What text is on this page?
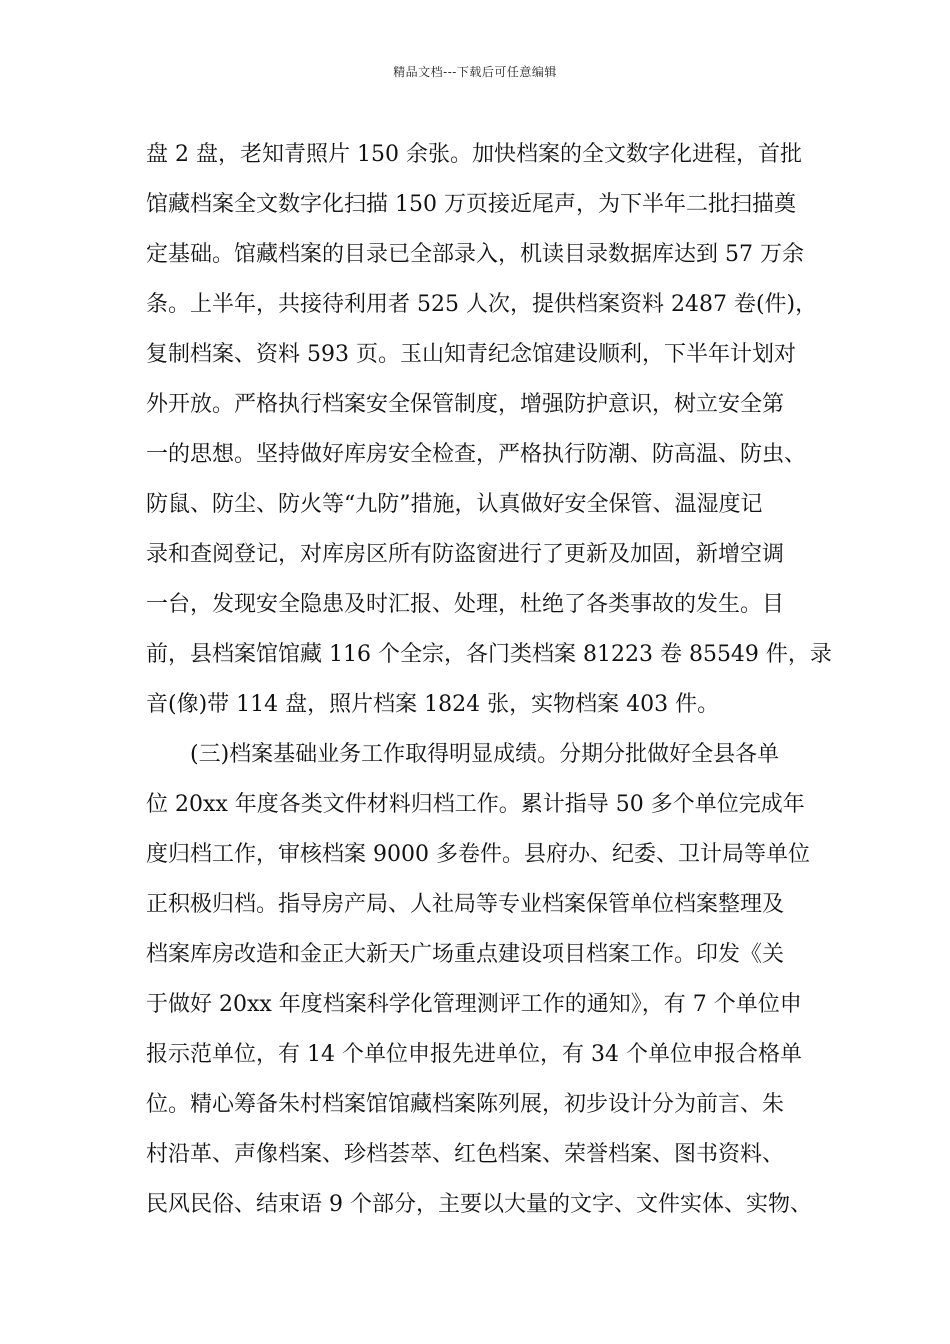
精品文档---下载后可任意编辑
盘 2 盘，老知青照片 150 余张。加快档案的全文数字化进程，首批
馆藏档案全文数字化扫描 150 万页接近尾声，为下半年二批扫描奠
定基础。馆藏档案的目录已全部录入，机读目录数据库达到 57 万余
条。上半年，共接待利用者 525 人次，提供档案资料 2487 卷(件)，
复制档案、资料 593 页。玉山知青纪念馆建设顺利，下半年计划对
外开放。严格执行档案安全保管制度，增强防护意识，树立安全第
一的思想。坚持做好库房安全检查，严格执行防潮、防高温、防虫、
防鼠、防尘、防火等“九防”措施，认真做好安全保管、温湿度记
录和查阅登记，对库房区所有防盗窗进行了更新及加固，新增空调
一台，发现安全隐患及时汇报、处理，杜绝了各类事故的发生。目
前，县档案馆馆藏 116 个全宗，各门类档案 81223 卷 85549 件，录
音(像)带 114 盘，照片档案 1824 张，实物档案 403 件。
(三)档案基础业务工作取得明显成绩。分期分批做好全县各单
位 20xx 年度各类文件材料归档工作。累计指导 50 多个单位完成年
度归档工作，审核档案 9000 多卷件。县府办、纪委、卫计局等单位
正积极归档。指导房产局、人社局等专业档案保管单位档案整理及
档案库房改造和金正大新天广场重点建设项目档案工作。印发《关
于做好 20xx 年度档案科学化管理测评工作的通知》，有 7 个单位申
报示范单位，有 14 个单位申报先进单位，有 34 个单位申报合格单
位。精心筹备朱村档案馆馆藏档案陈列展，初步设计分为前言、朱
村沿革、声像档案、珍档荟萃、红色档案、荣誉档案、图书资料、
民风民俗、结束语 9 个部分，主要以大量的文字、文件实体、实物、
